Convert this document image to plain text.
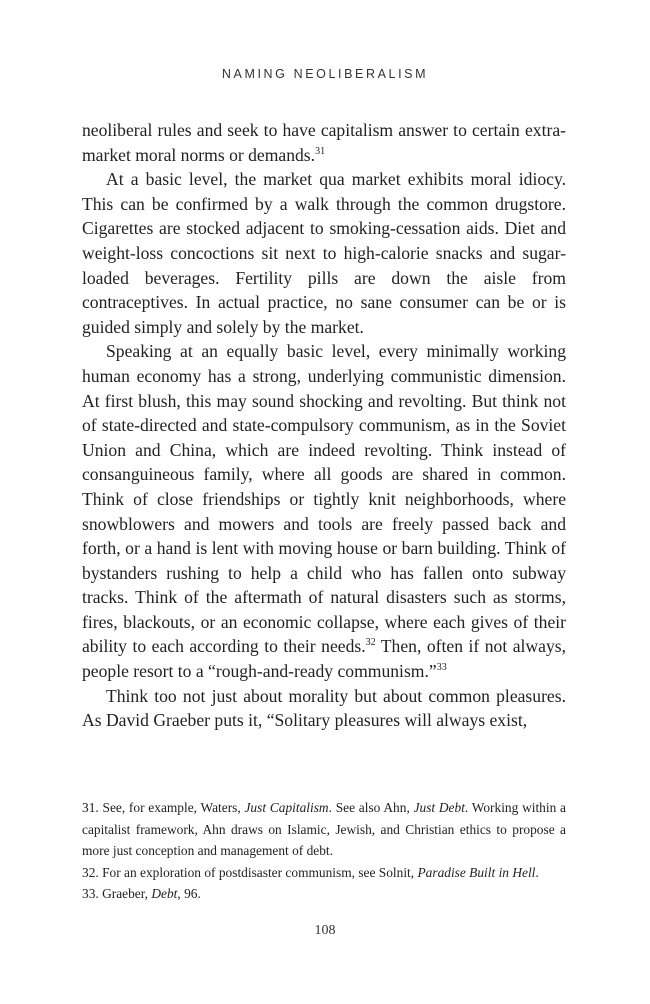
NAMING NEOLIBERALISM

neoliberal rules and seek to have capitalism answer to certain extra-market moral norms or demands.$^{31}$

At a basic level, the market qua market exhibits moral idiocy. This can be confirmed by a walk through the common drugstore. Cigarettes are stocked adjacent to smoking-cessation aids. Diet and weight-loss concoctions sit next to high-calorie snacks and sugar-loaded beverages. Fertility pills are down the aisle from contraceptives. In actual practice, no sane consumer can be or is guided simply and solely by the market.

Speaking at an equally basic level, every minimally working human economy has a strong, underlying communistic dimension. At first blush, this may sound shocking and revolting. But think not of state-directed and state-compulsory communism, as in the Soviet Union and China, which are indeed revolting. Think instead of consanguineous family, where all goods are shared in common. Think of close friendships or tightly knit neighborhoods, where snowblowers and mowers and tools are freely passed back and forth, or a hand is lent with moving house or barn building. Think of bystanders rushing to help a child who has fallen onto subway tracks. Think of the aftermath of natural disasters such as storms, fires, blackouts, or an economic collapse, where each gives of their ability to each according to their needs.$^{32}$ Then, often if not always, people resort to a “rough-and-ready communism.”$^{33}$

Think too not just about morality but about common pleasures. As David Graeber puts it, “Solitary pleasures will always exist,

31. See, for example, Waters, Just Capitalism. See also Ahn, Just Debt. Working within a capitalist framework, Ahn draws on Islamic, Jewish, and Christian ethics to propose a more just conception and management of debt.

32. For an exploration of postdisaster communism, see Solnit, Paradise Built in Hell.

33. Graeber, Debt, 96.

108
